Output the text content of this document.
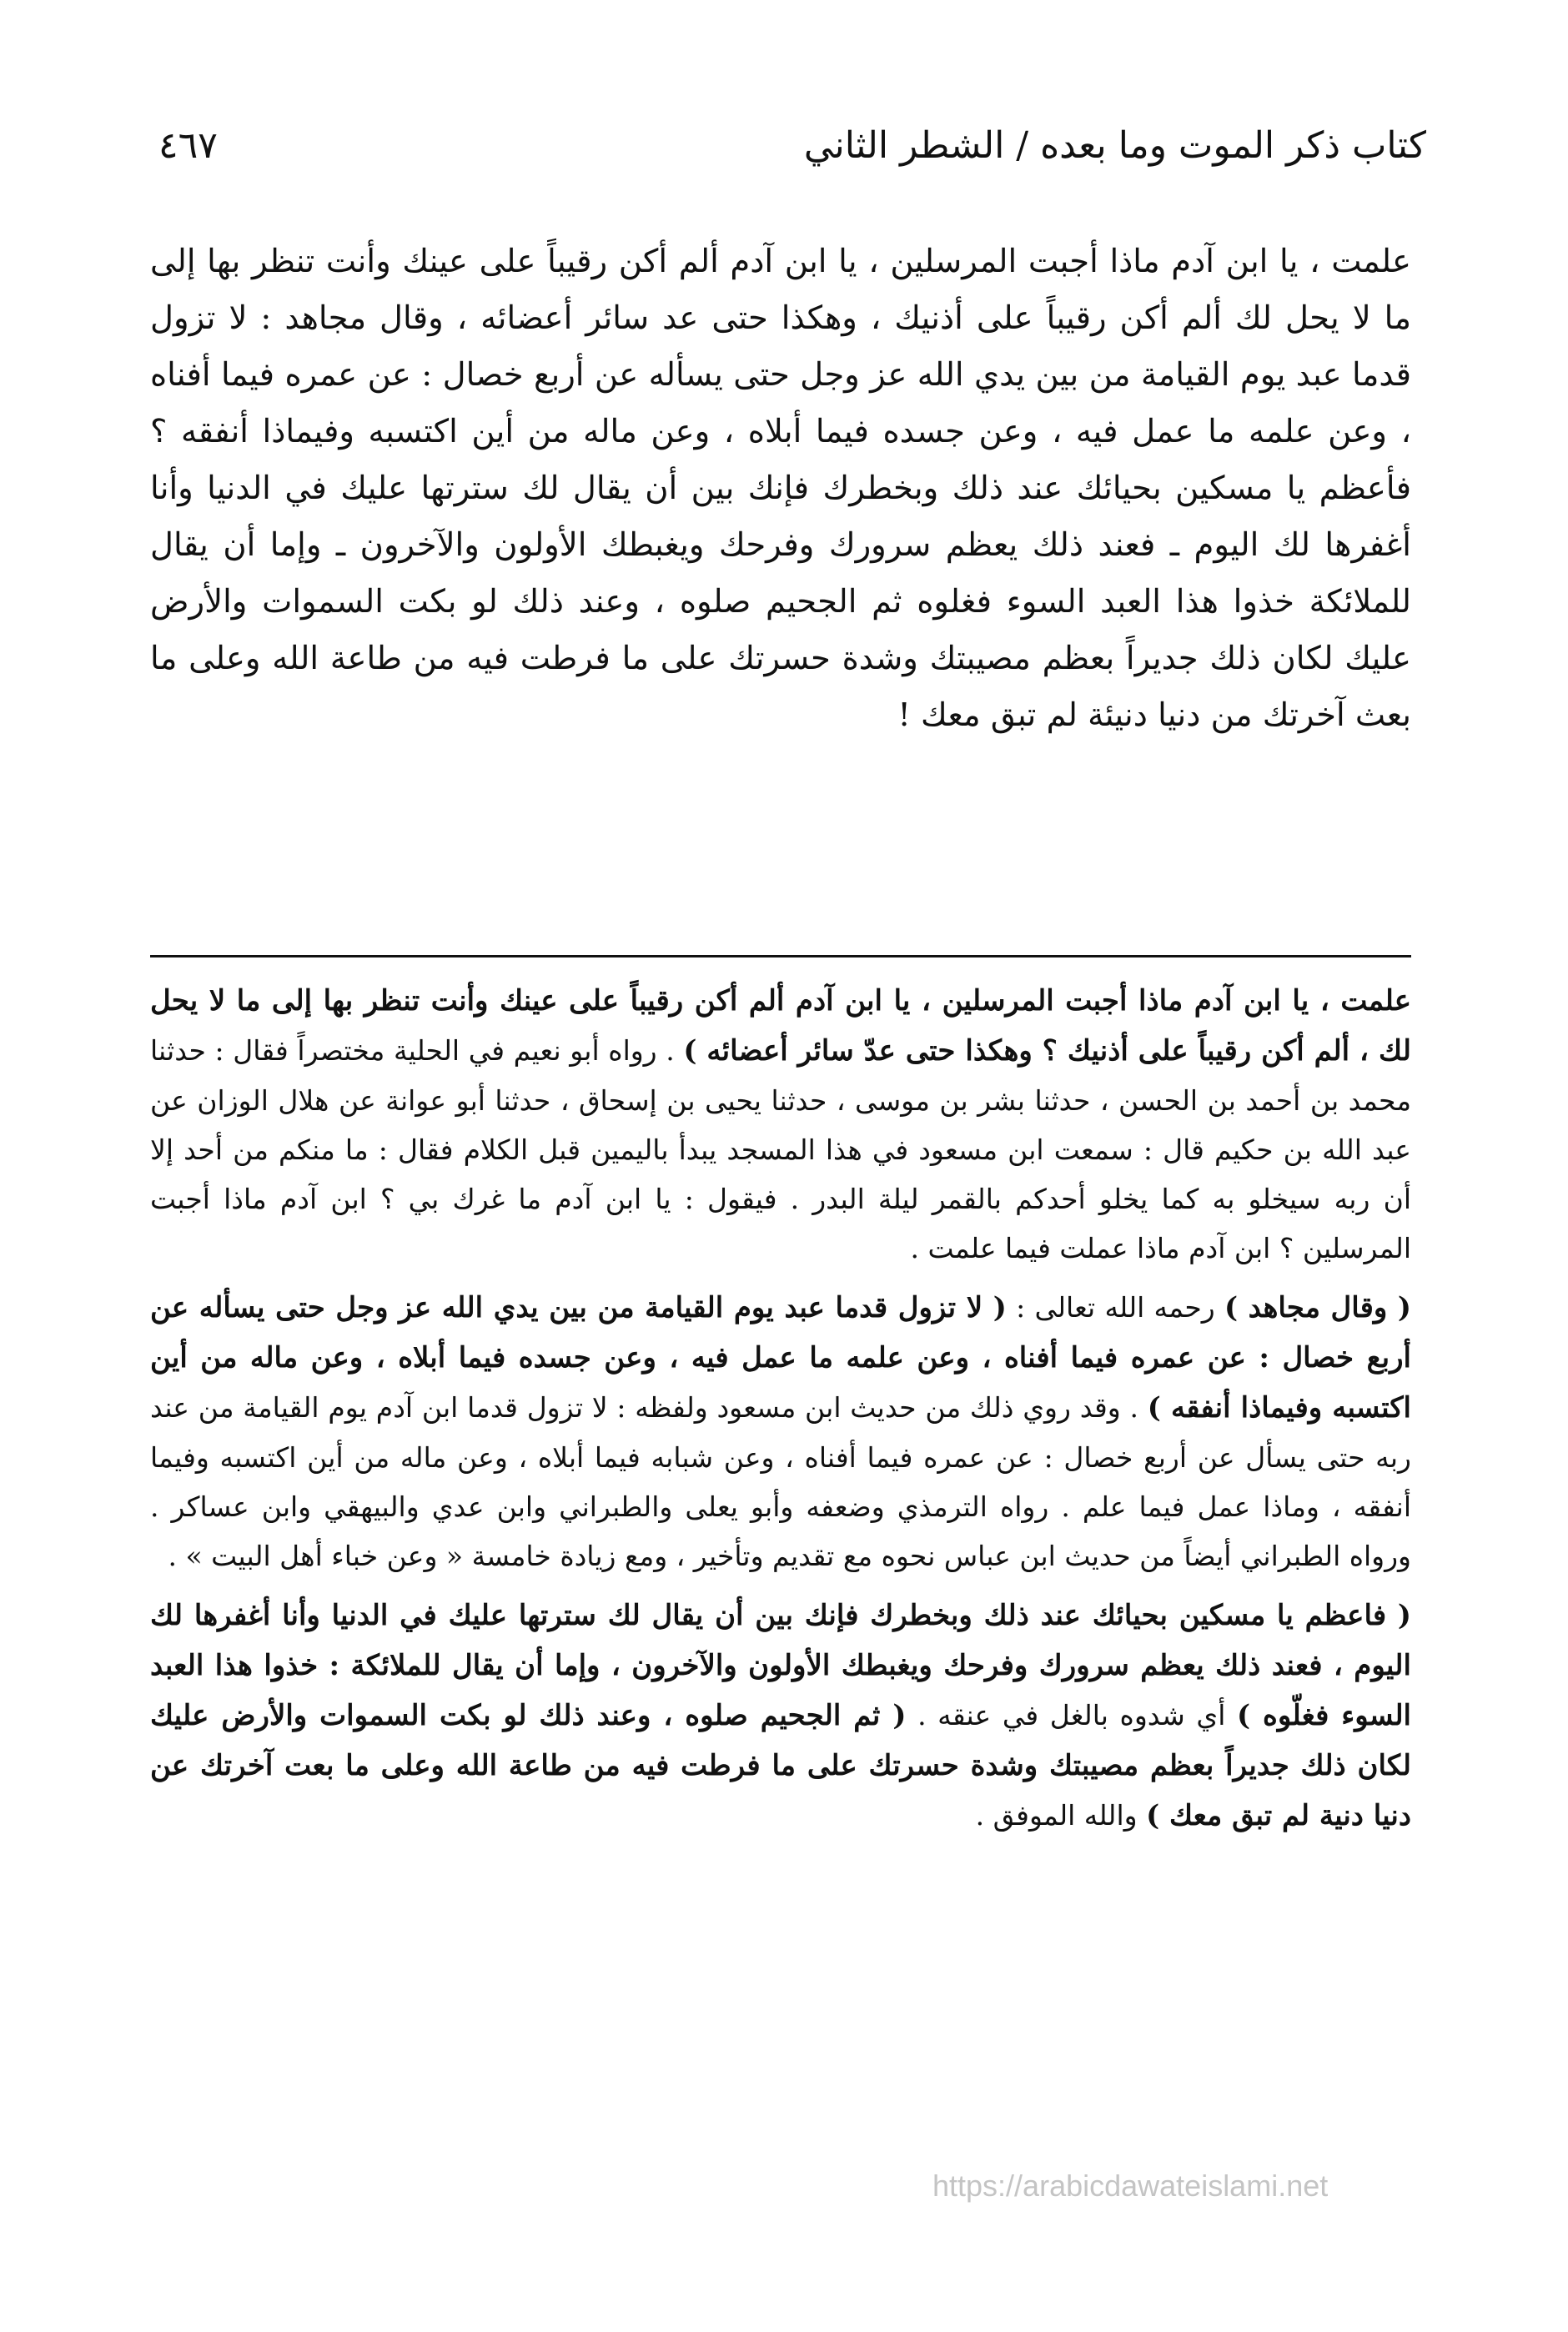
كتاب ذكر الموت وما بعده / الشطر الثاني
٤٦٧

علمت ، يا ابن آدم ماذا أجبت المرسلين ، يا ابن آدم ألم أكن رقيباً على عينك وأنت تنظر بها إلى ما لا يحل لك ألم أكن رقيباً على أذنيك ، وهكذا حتى عد سائر أعضائه ، وقال مجاهد : لا تزول قدما عبد يوم القيامة من بين يدي الله عز وجل حتى يسأله عن أربع خصال : عن عمره فيما أفناه ، وعن علمه ما عمل فيه ، وعن جسده فيما أبلاه ، وعن ماله من أين اكتسبه وفيماذا أنفقه ؟ فأعظم يا مسكين بحيائك عند ذلك وبخطرك فإنك بين أن يقال لك سترتها عليك في الدنيا وأنا أغفرها لك اليوم ـ فعند ذلك يعظم سرورك وفرحك ويغبطك الأولون والآخرون ـ وإما أن يقال للملائكة خذوا هذا العبد السوء فغلوه ثم الجحيم صلوه ، وعند ذلك لو بكت السموات والأرض عليك لكان ذلك جديراً بعظم مصيبتك وشدة حسرتك على ما فرطت فيه من طاعة الله وعلى ما بعث آخرتك من دنيا دنيئة لم تبق معك !

علمت ، يا ابن آدم ماذا أجبت المرسلين ، يا ابن آدم ألم أكن رقيباً على عينك وأنت تنظر بها إلى ما لا يحل لك ، ألم أكن رقيباً على أذنيك ؟ وهكذا حتى عدّ سائر أعضائه ) . رواه أبو نعيم في الحلية مختصراً فقال : حدثنا محمد بن أحمد بن الحسن ، حدثنا بشر بن موسى ، حدثنا يحيى بن إسحاق ، حدثنا أبو عوانة عن هلال الوزان عن عبد الله بن حكيم قال : سمعت ابن مسعود في هذا المسجد يبدأ باليمين قبل الكلام فقال : ما منكم من أحد إلا أن ربه سيخلو به كما يخلو أحدكم بالقمر ليلة البدر . فيقول : يا ابن آدم ما غرك بي ؟ ابن آدم ماذا أجبت المرسلين ؟ ابن آدم ماذا عملت فيما علمت .

( وقال مجاهد ) رحمه الله تعالى : ( لا تزول قدما عبد يوم القيامة من بين يدي الله عز وجل حتى يسأله عن أربع خصال : عن عمره فيما أفناه ، وعن علمه ما عمل فيه ، وعن جسده فيما أبلاه ، وعن ماله من أين اكتسبه وفيماذا أنفقه ) . وقد روي ذلك من حديث ابن مسعود ولفظه : لا تزول قدما ابن آدم يوم القيامة من عند ربه حتى يسأل عن أربع خصال : عن عمره فيما أفناه ، وعن شبابه فيما أبلاه ، وعن ماله من أين اكتسبه وفيما أنفقه ، وماذا عمل فيما علم . رواه الترمذي وضعفه وأبو يعلى والطبراني وابن عدي والبيهقي وابن عساكر . ورواه الطبراني أيضاً من حديث ابن عباس نحوه مع تقديم وتأخير ، ومع زيادة خامسة « وعن خباء أهل البيت » .

( فاعظم يا مسكين بحيائك عند ذلك وبخطرك فإنك بين أن يقال لك سترتها عليك في الدنيا وأنا أغفرها لك اليوم ، فعند ذلك يعظم سرورك وفرحك ويغبطك الأولون والآخرون ، وإما أن يقال للملائكة : خذوا هذا العبد السوء فغلّوه ) أي شدوه بالغل في عنقه . ( ثم الجحيم صلوه ، وعند ذلك لو بكت السموات والأرض عليك لكان ذلك جديراً بعظم مصيبتك وشدة حسرتك على ما فرطت فيه من طاعة الله وعلى ما بعت آخرتك عن دنيا دنية لم تبق معك ) والله الموفق .

https://arabicdawateislami.net
